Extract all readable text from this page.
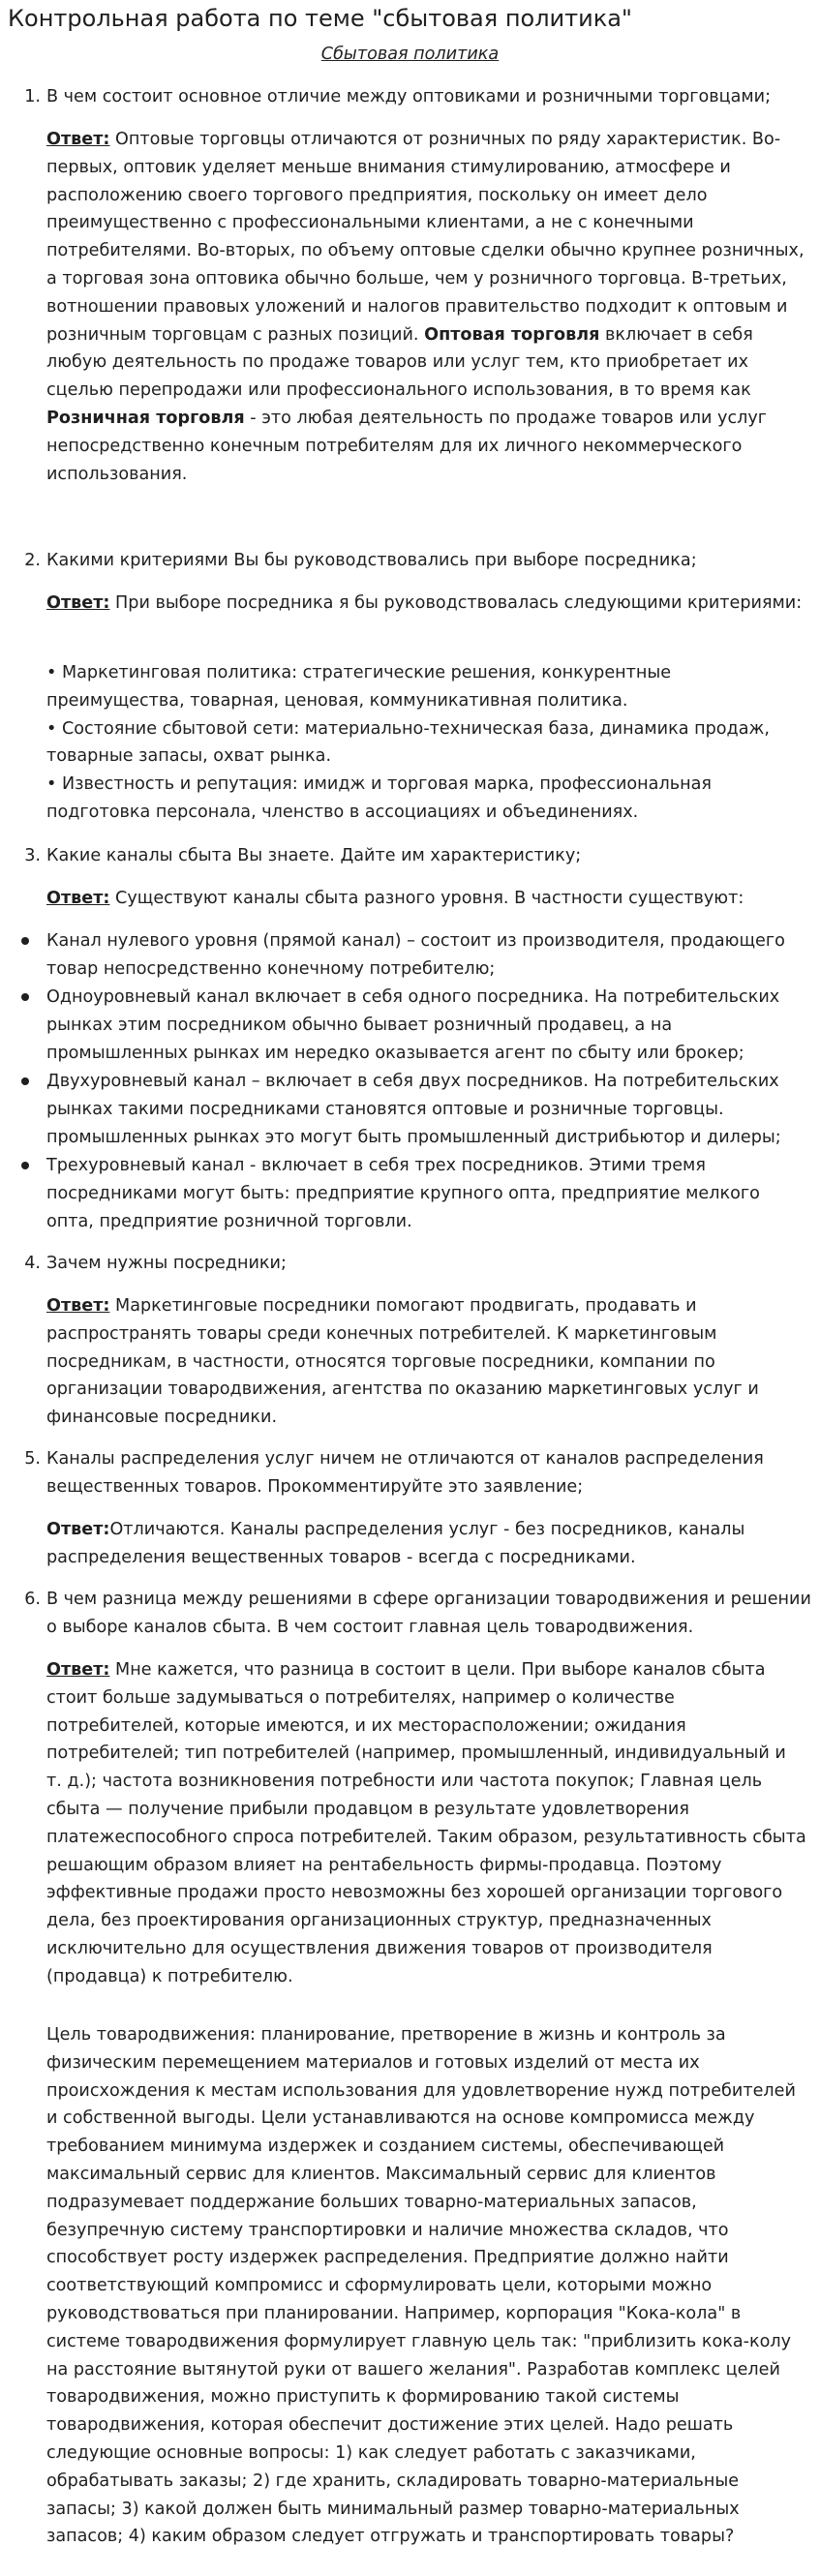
Контрольная работа по теме "сбытовая политика"
Сбытовая политика
1. В чем состоит основное отличие между оптовиками и розничными торговцами;

Ответ: Оптовые торговцы отличаются от розничных по ряду характеристик. Во-первых, оптовик уделяет меньше внимания стимулированию, атмосфере и расположению своего торгового предприятия, поскольку он имеет дело преимущественно с профессиональными клиентами, а не с конечными потребителями. Во-вторых, по объему оптовые сделки обычно крупнее розничных, а торговая зона оптовика обычно больше, чем у розничного торговца. В-третьих, вотношении правовых уложений и налогов правительство подходит к оптовым и розничным торговцам с разных позиций. Оптовая торговля включает в себя любую деятельность по продаже товаров или услуг тем, кто приобретает их сцелью перепродажи или профессионального использования, в то время как Розничная торговля - это любая деятельность по продаже товаров или услуг непосредственно конечным потребителям для их личного некоммерческого использования.

2. Какими критериями Вы бы руководствовались при выборе посредника;

Ответ: При выборе посредника я бы руководствовалась следующими критериями:

• Маркетинговая политика: стратегические решения, конкурентные преимущества, товарная, ценовая, коммуникативная политика.
• Состояние сбытовой сети: материально-техническая база, динамика продаж, товарные запасы, охват рынка.
• Известность и репутация: имидж и торговая марка, профессиональная подготовка персонала, членство в ассоциациях и объединениях.
3. Какие каналы сбыта Вы знаете. Дайте им характеристику;

Ответ: Существуют каналы сбыта разного уровня. В частности существуют:

Канал нулевого уровня (прямой канал) – состоит из производителя, продающего товар непосредственно конечному потребителю;
Одноуровневый канал включает в себя одного посредника. На потребительских рынках этим посредником обычно бывает розничный продавец, а на промышленных рынках им нередко оказывается агент по сбыту или брокер;
Двухуровневый канал – включает в себя двух посредников. На потребительских рынках такими посредниками становятся оптовые и розничные торговцы. промышленных рынках это могут быть промышленный дистрибьютор и дилеры;
Трехуровневый канал - включает в себя трех посредников. Этими тремя посредниками могут быть: предприятие крупного опта, предприятие мелкого опта, предприятие розничной торговли.
4. Зачем нужны посредники;

Ответ: Маркетинговые посредники помогают продвигать, продавать и распространять товары среди конечных потребителей. К маркетинговым посредникам, в частности, относятся торговые посредники, компании по организации товародвижения, агентства по оказанию маркетинговых услуг и финансовые посредники.

5. Каналы распределения услуг ничем не отличаются от каналов распределения вещественных товаров. Прокомментируйте это заявление;

Ответ:Отличаются. Каналы распределения услуг - без посредников, каналы распределения вещественных товаров - всегда с посредниками.

6. В чем разница между решениями в сфере организации товародвижения и решении о выборе каналов сбыта. В чем состоит главная цель товародвижения.

Ответ: Мне кажется, что разница в состоит в цели. При выборе каналов сбыта стоит больше задумываться о потребителях, например о количестве потребителей, которые имеются, и их месторасположении; ожидания потребителей; тип потребителей (например, промышленный, индивидуальный и т. д.); частота возникновения потребности или частота покупок; Главная цель сбыта — получение прибыли продавцом в результате удовлетворения платежеспособного спроса потребителей. Таким образом, результативность сбыта решающим образом влияет на рентабельность фирмы-продавца. Поэтому эффективные продажи просто невозможны без хорошей организации торгового дела, без проектирования организационных структур, предназначенных исключительно для осуществления движения товаров от производителя (продавца) к потребителю.

Цель товародвижения: планирование, претворение в жизнь и контроль за физическим перемещением материалов и готовых изделий от места их происхождения к местам использования для удовлетворение нужд потребителей и собственной выгоды. Цели устанавливаются на основе компромисса между требованием минимума издержек и созданием системы, обеспечивающей максимальный сервис для клиентов. Максимальный сервис для клиентов подразумевает поддержание больших товарно-материальных запасов, безупречную систему транспортировки и наличие множества складов, что способствует росту издержек распределения. Предприятие должно найти соответствующий компромисс и сформулировать цели, которыми можно руководствоваться при планировании. Например, корпорация "Кока-кола" в системе товародвижения формулирует главную цель так: "приблизить кока-колу на расстояние вытянутой руки от вашего желания". Разработав комплекс целей товародвижения, можно приступить к формированию такой системы товародвижения, которая обеспечит достижение этих целей. Надо решать следующие основные вопросы: 1) как следует работать с заказчиками, обрабатывать заказы; 2) где хранить, складировать товарно-материальные запасы; 3) какой должен быть минимальный размер товарно-материальных запасов; 4) каким образом следует отгружать и транспортировать товары?
